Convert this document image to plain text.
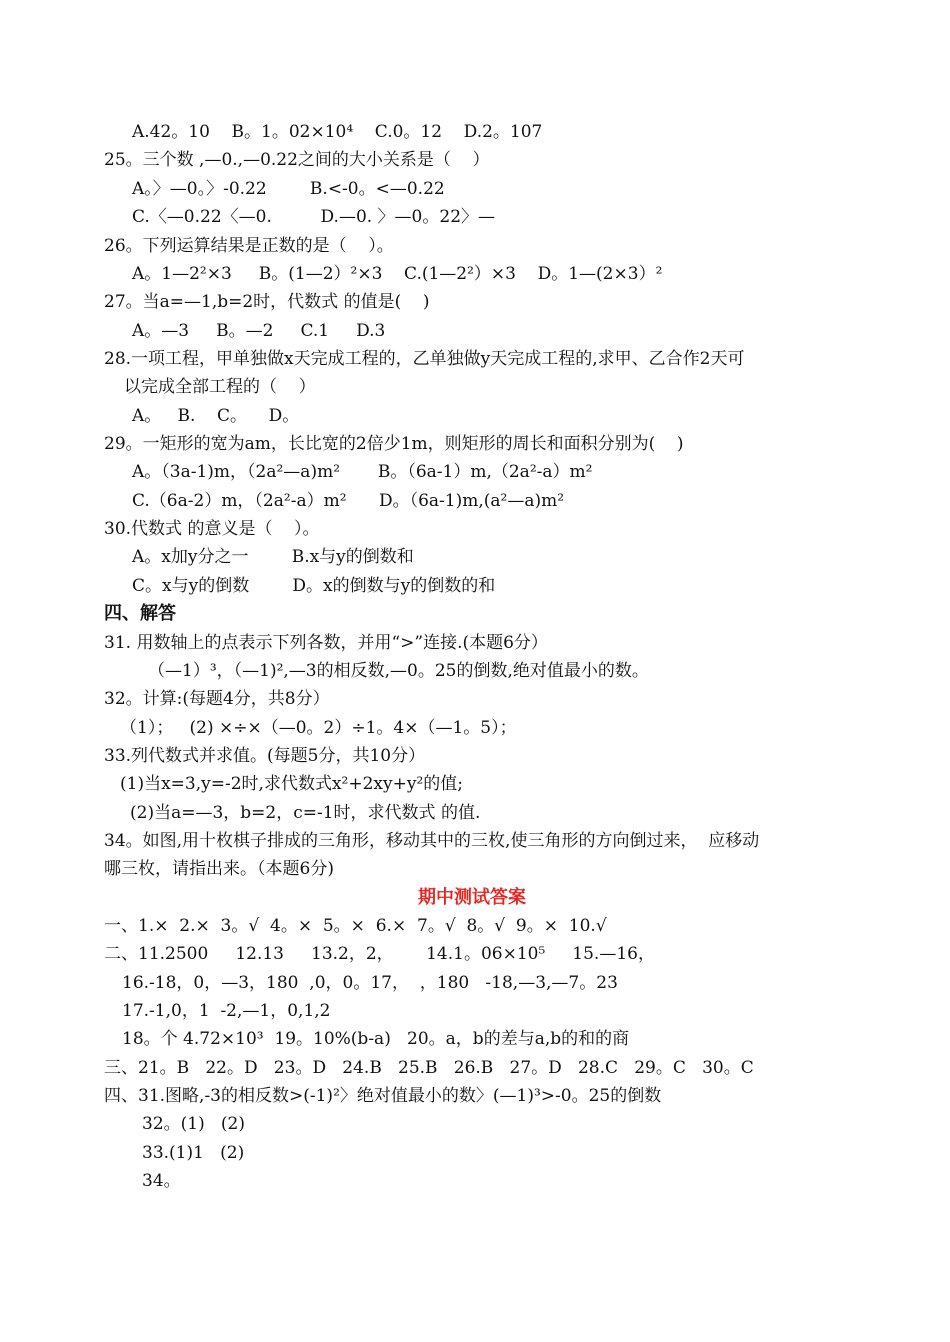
A.42。10    B。1。02×10⁴    C.0。12    D.2。107
25。三个数 ,—0.,—0.22之间的大小关系是（    ）
A。〉—0。〉-0.22        B.<-0。<—0.22
C.〈—0.22〈—0.         D.—0. 〉—0。22〉—
26。下列运算结果是正数的是（    ）。
A。1—2²×3     B。(1—2）²×3    C.(1—2²）×3    D。1—(2×3）²
27。当a=—1,b=2时，代数式 的值是(    )
A。—3     B。—2     C.1     D.3
28.一项工程，甲单独做x天完成工程的，乙单独做y天完成工程的,求甲、乙合作2天可
以完成全部工程的（    ）
A。   B.    C。    D。
29。一矩形的宽为am，长比宽的2倍少1m，则矩形的周长和面积分别为(    )
A。（3a-1)m，（2a²—a)m²       B。（6a-1）m,（2a²-a）m²
C.（6a-2）m，（2a²-a）m²      D。（6a-1)m,(a²—a)m²
30.代数式 的意义是（    ）。
A。x加y分之一        B.x与y的倒数和
C。x与y的倒数        D。x的倒数与y的倒数的和
四、解答
31. 用数轴上的点表示下列各数，并用“>”连接.(本题6分）
（—1）³，（—1)²,—3的相反数,—0。25的倒数,绝对值最小的数。
32。计算:(每题4分，共8分）
（1）；   (2) ×÷×（—0。2）÷1。4×（—1。5）；
33.列代数式并求值。(每题5分，共10分）
(1)当x=3,y=-2时,求代数式x²+2xy+y²的值;
(2)当a=—3，b=2，c=-1时，求代数式 的值.
34。如图,用十枚棋子排成的三角形，移动其中的三枚,使三角形的方向倒过来，  应移动
哪三枚，请指出来。（本题6分)
期中测试答案
一、1.×  2.×  3。√  4。×  5。×  6.×  7。√  8。√  9。×  10.√
二、11.2500     12.13     13.2，2，      14.1。06×10⁵     15.—16，
16.-18，0，—3，180  ,0，0。17，  ，180   -18,—3,—7。23
17.-1,0，1  -2,—1，0,1,2
18。个 4.72×10³  19。10%(b-a)   20。a，b的差与a,b的和的商
三、21。B   22。D   23。D   24.B   25.B   26.B   27。D   28.C   29。C   30。C
四、31.图略,-3的相反数>(-1)²〉绝对值最小的数〉(—1)³>-0。25的倒数
32。(1)   (2)
33.(1)1   (2)
34。
